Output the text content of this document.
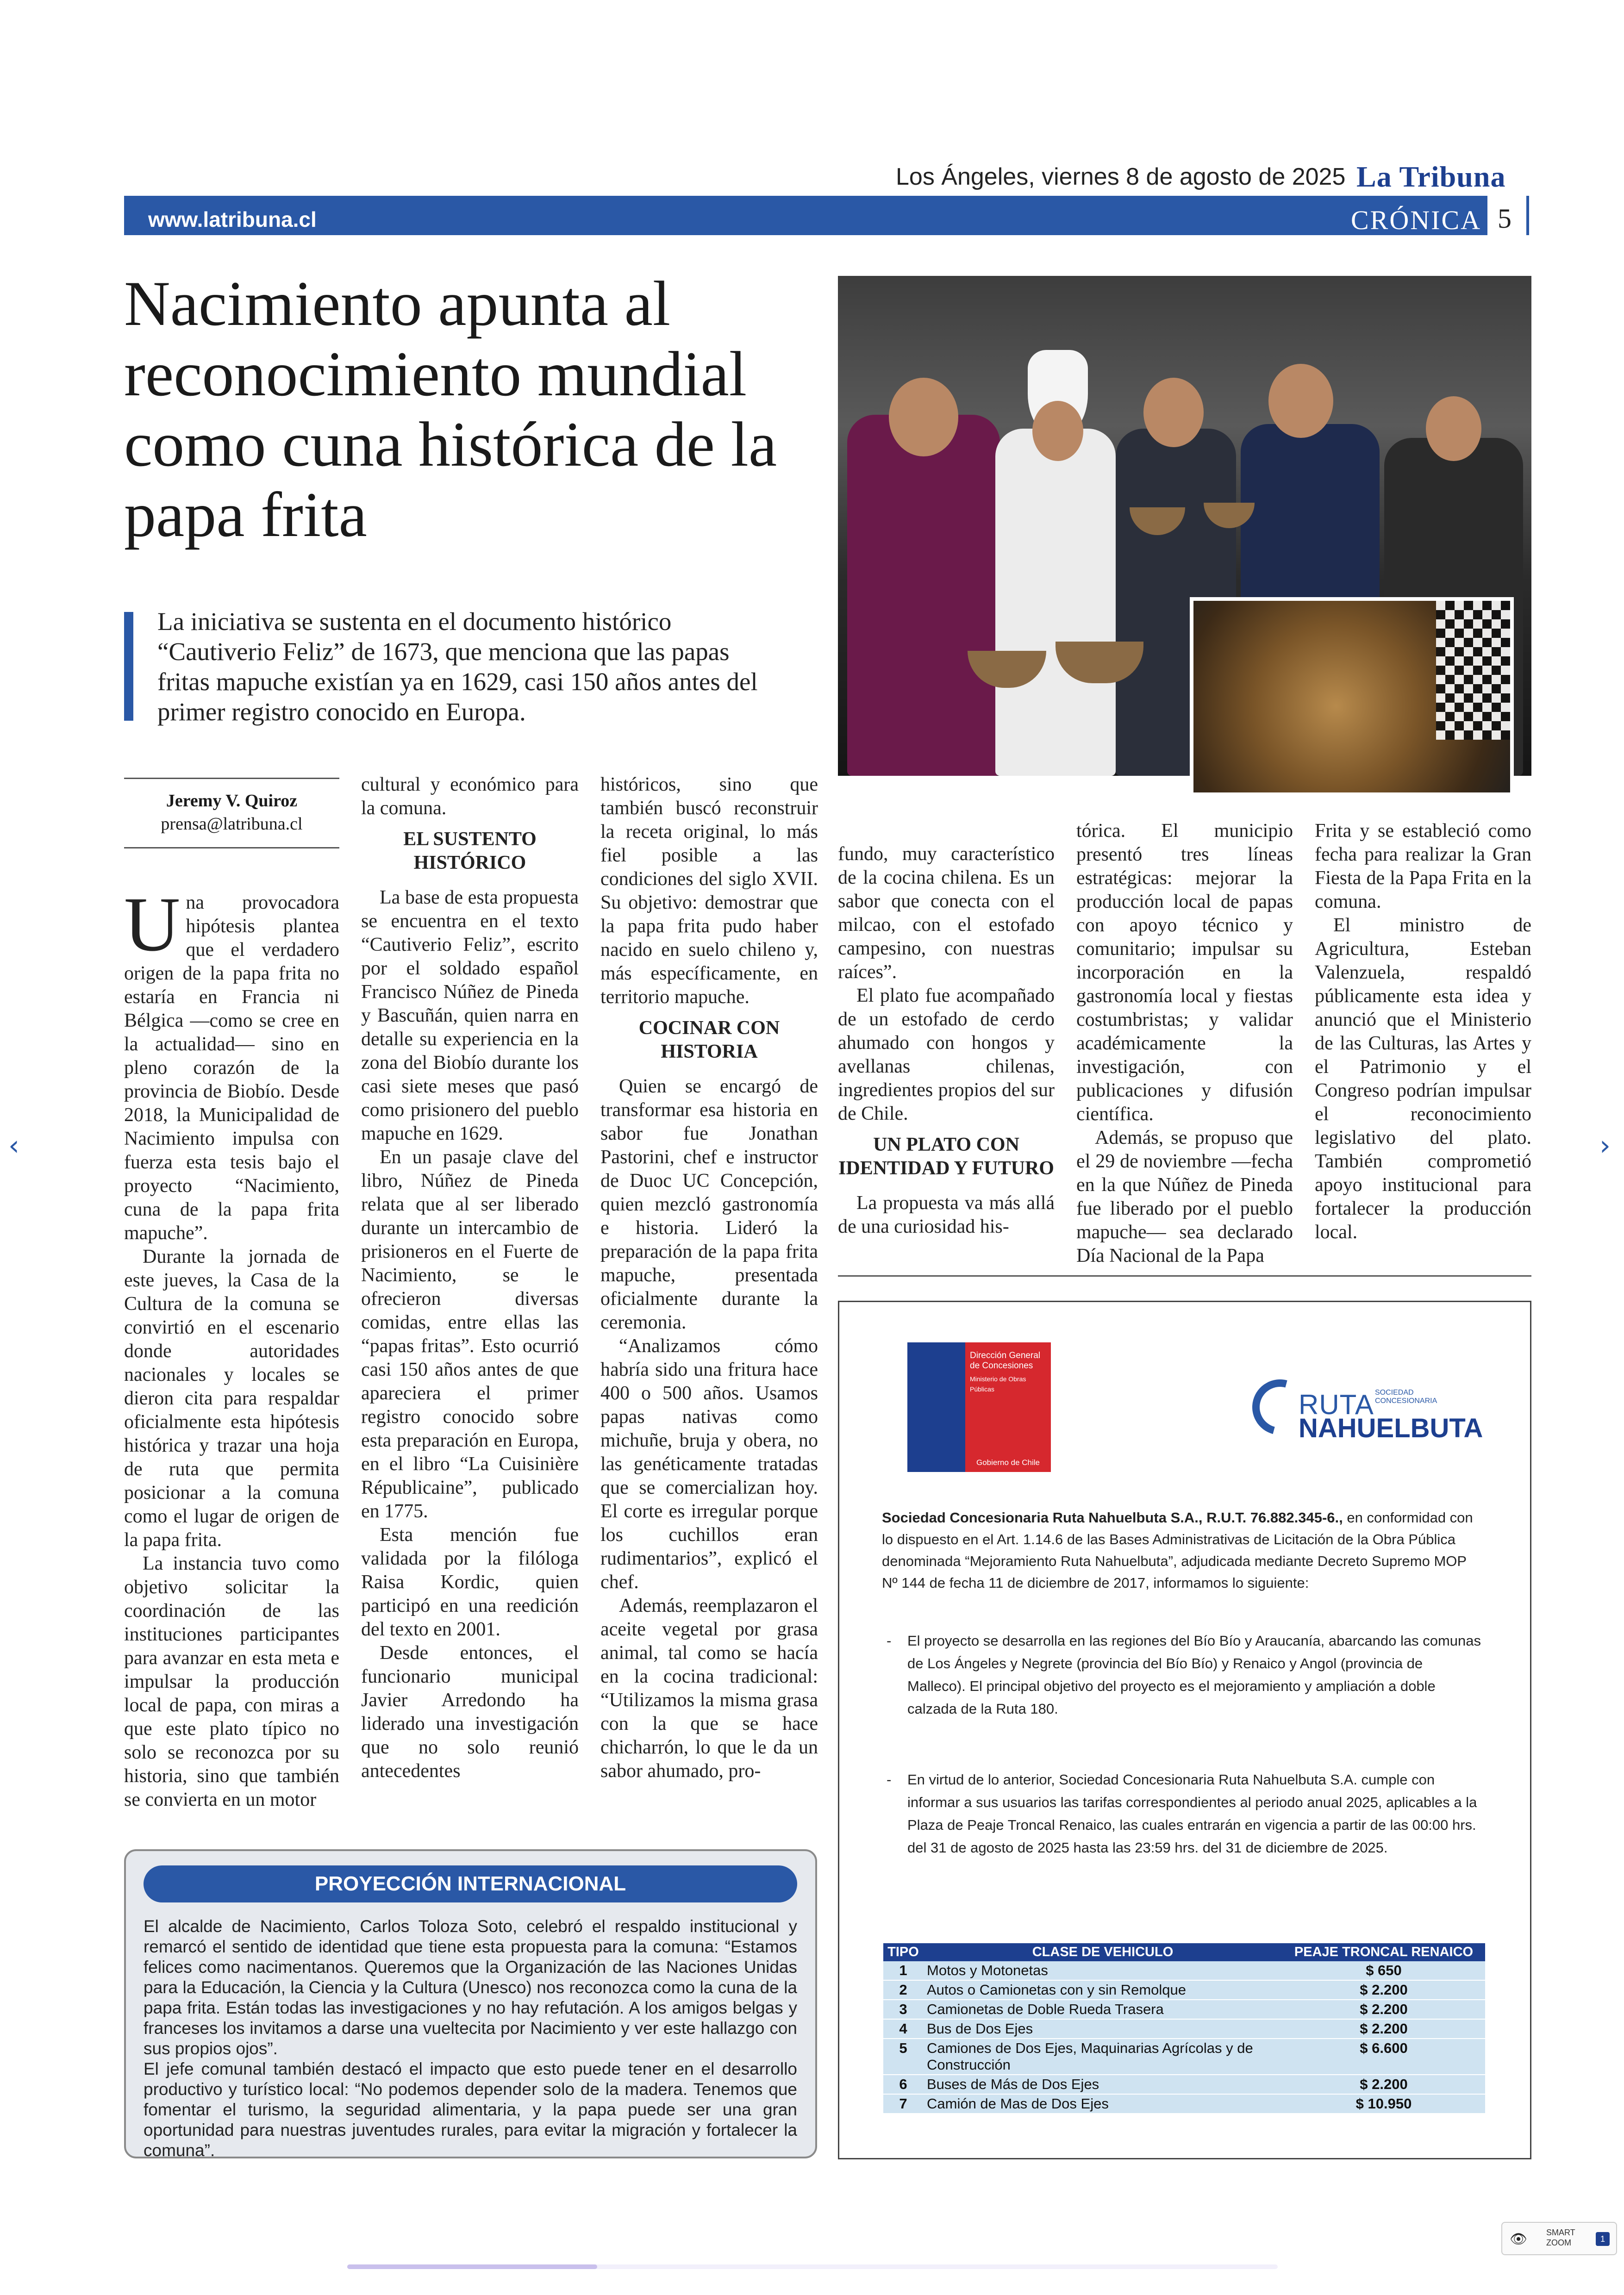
Los Ángeles, viernes 8 de agosto de 2025 La Tribuna
www.latribuna.cl	CRÓNICA 5
Nacimiento apunta al reconocimiento mundial como cuna histórica de la papa frita
La iniciativa se sustenta en el documento histórico “Cautiverio Feliz” de 1673, que menciona que las papas fritas mapuche existían ya en 1629, casi 150 años antes del primer registro conocido en Europa.
Jeremy V. Quiroz
prensa@latribuna.cl

Una provocadora hipótesis plantea que el verdadero origen de la papa frita no estaría en Francia ni Bélgica —como se cree en la actualidad— sino en pleno corazón de la provincia de Biobío. Desde 2018, la Municipalidad de Nacimiento impulsa con fuerza esta tesis bajo el proyecto “Nacimiento, cuna de la papa frita mapuche”.

Durante la jornada de este jueves, la Casa de la Cultura de la comuna se convirtió en el escenario donde autoridades nacionales y locales se dieron cita para respaldar oficialmente esta hipótesis histórica y trazar una hoja de ruta que permita posicionar a la comuna como el lugar de origen de la papa frita.

La instancia tuvo como objetivo solicitar la coordinación de las instituciones participantes para avanzar en esta meta e impulsar la producción local de papa, con miras a que este plato típico no solo se reconozca por su historia, sino que también se convierta en un motor

cultural y económico para la comuna.

EL SUSTENTO HISTÓRICO

La base de esta propuesta se encuentra en el texto “Cautiverio Feliz”, escrito por el soldado español Francisco Núñez de Pineda y Bascuñán, quien narra en detalle su experiencia en la zona del Biobío durante los casi siete meses que pasó como prisionero del pueblo mapuche en 1629.

En un pasaje clave del libro, Núñez de Pineda relata que al ser liberado durante un intercambio de prisioneros en el Fuerte de Nacimiento, se le ofrecieron diversas comidas, entre ellas las “papas fritas”. Esto ocurrió casi 150 años antes de que apareciera el primer registro conocido sobre esta preparación en Europa, en el libro “La Cuisinière Républicaine”, publicado en 1775.

Esta mención fue validada por la filóloga Raisa Kordic, quien participó en una reedición del texto en 2001.

Desde entonces, el funcionario municipal Javier Arredondo ha liderado una investigación que no solo reunió antecedentes

históricos, sino que también buscó reconstruir la receta original, lo más fiel posible a las condiciones del siglo XVII. Su objetivo: demostrar que la papa frita pudo haber nacido en suelo chileno y, más específicamente, en territorio mapuche.

COCINAR CON HISTORIA

Quien se encargó de transformar esa historia en sabor fue Jonathan Pastorini, chef e instructor de Duoc UC Concepción, quien mezcló gastronomía e historia. Lideró la preparación de la papa frita mapuche, presentada oficialmente durante la ceremonia.

“Analizamos cómo habría sido una fritura hace 400 o 500 años. Usamos papas nativas como michuñe, bruja y obera, no las genéticamente tratadas que se comercializan hoy. El corte es irregular porque los cuchillos eran rudimentarios”, explicó el chef.

Además, reemplazaron el aceite vegetal por grasa animal, tal como se hacía en la cocina tradicional: “Utilizamos la misma grasa con la que se hace chicharrón, lo que le da un sabor ahumado, pro-

fundo, muy característico de la cocina chilena. Es un sabor que conecta con el milcao, con el estofado campesino, con nuestras raíces”.

El plato fue acompañado de un estofado de cerdo ahumado con hongos y avellanas chilenas, ingredientes propios del sur de Chile.

UN PLATO CON IDENTIDAD Y FUTURO

La propuesta va más allá de una curiosidad his-

tórica. El municipio presentó tres líneas estratégicas: mejorar la producción local de papas con apoyo técnico y comunitario; impulsar su incorporación en la gastronomía local y fiestas costumbristas; y validar académicamente la investigación, con publicaciones y difusión científica.

Además, se propuso que el 29 de noviembre —fecha en la que Núñez de Pineda fue liberado por el pueblo mapuche— sea declarado Día Nacional de la Papa

Frita y se estableció como fecha para realizar la Gran Fiesta de la Papa Frita en la comuna.

El ministro de Agricultura, Esteban Valenzuela, respaldó públicamente esta idea y anunció que el Ministerio de las Culturas, las Artes y el Patrimonio y el Congreso podrían impulsar el reconocimiento legislativo del plato. También comprometió apoyo institucional para fortalecer la producción local.

PROYECCIÓN INTERNACIONAL

El alcalde de Nacimiento, Carlos Toloza Soto, celebró el respaldo institucional y remarcó el sentido de identidad que tiene esta propuesta para la comuna: “Estamos felices como nacimentanos. Queremos que la Organización de las Naciones Unidas para la Educación, la Ciencia y la Cultura (Unesco) nos reconozca como la cuna de la papa frita. Están todas las investigaciones y no hay refutación. A los amigos belgas y franceses los invitamos a darse una vueltecita por Nacimiento y ver este hallazgo con sus propios ojos”.

El jefe comunal también destacó el impacto que esto puede tener en el desarrollo productivo y turístico local: “No podemos depender solo de la madera. Tenemos que fomentar el turismo, la seguridad alimentaria, y la papa puede ser una gran oportunidad para nuestras juventudes rurales, para evitar la migración y fortalecer la comuna”.

Dirección General de Concesiones
Ministerio de Obras Públicas
Gobierno de Chile
RUTA SOCIEDAD CONCESIONARIA
NAHUELBUTA
Sociedad Concesionaria Ruta Nahuelbuta S.A., R.U.T. 76.882.345-6., en conformidad con lo dispuesto en el Art. 1.14.6 de las Bases Administrativas de Licitación de la Obra Pública denominada “Mejoramiento Ruta Nahuelbuta”, adjudicada mediante Decreto Supremo MOP Nº 144 de fecha 11 de diciembre de 2017, informamos lo siguiente:
- El proyecto se desarrolla en las regiones del Bío Bío y Araucanía, abarcando las comunas de Los Ángeles y Negrete (provincia del Bío Bío) y Renaico y Angol (provincia de Malleco). El principal objetivo del proyecto es el mejoramiento y ampliación a doble calzada de la Ruta 180.
- En virtud de lo anterior, Sociedad Concesionaria Ruta Nahuelbuta S.A. cumple con informar a sus usuarios las tarifas correspondientes al periodo anual 2025, aplicables a la Plaza de Peaje Troncal Renaico, las cuales entrarán en vigencia a partir de las 00:00 hrs. del 31 de agosto de 2025 hasta las 23:59 hrs. del 31 de diciembre de 2025.
TIPO	CLASE DE VEHICULO	PEAJE TRONCAL RENAICO
1	Motos y Motonetas	$ 650
2	Autos o Camionetas con y sin Remolque	$ 2.200
3	Camionetas de Doble Rueda Trasera	$ 2.200
4	Bus de Dos Ejes	$ 2.200
5	Camiones de Dos Ejes, Maquinarias Agrícolas y de Construcción	$ 6.600
6	Buses de Más de Dos Ejes	$ 2.200
7	Camión de Mas de Dos Ejes	$ 10.950
‹	›
👁 SMART ZOOM	1
